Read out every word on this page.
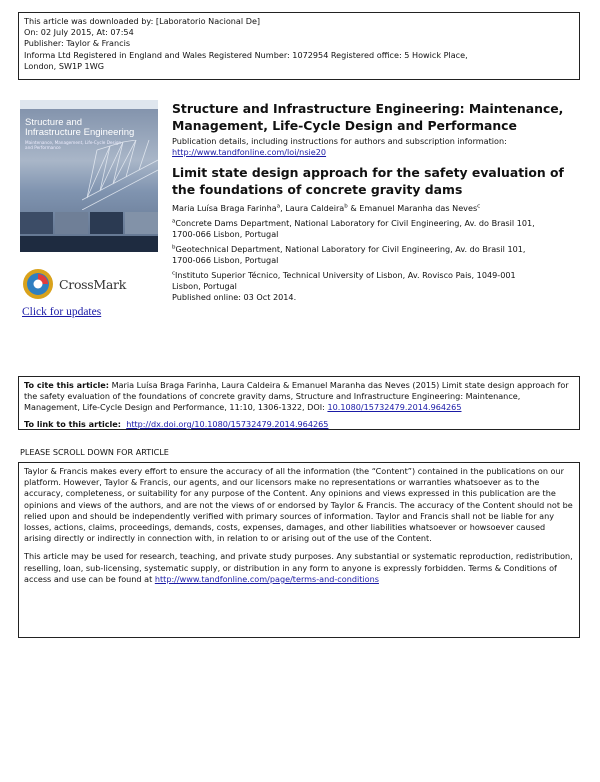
This article was downloaded by: [Laboratorio Nacional De]
On: 02 July 2015, At: 07:54
Publisher: Taylor & Francis
Informa Ltd Registered in England and Wales Registered Number: 1072954 Registered office: 5 Howick Place,
London, SW1P 1WG
Structure and
Infrastructure Engineering
Maintenance, Management, Life-Cycle Design and Performance
CrossMark
Click for updates
Structure and Infrastructure Engineering: Maintenance, Management, Life-Cycle Design and Performance
Publication details, including instructions for authors and subscription information:
http://www.tandfonline.com/loi/nsie20
Limit state design approach for the safety evaluation of the foundations of concrete gravity dams
Maria Luísa Braga Farinha$^a$, Laura Caldeira$^b$ & Emanuel Maranha das Neves$^c$
$^a$Concrete Dams Department, National Laboratory for Civil Engineering, Av. do Brasil 101,
1700-066 Lisbon, Portugal
$^b$Geotechnical Department, National Laboratory for Civil Engineering, Av. do Brasil 101,
1700-066 Lisbon, Portugal
$^c$Instituto Superior Técnico, Technical University of Lisbon, Av. Rovisco Pais, 1049-001
Lisbon, Portugal
Published online: 03 Oct 2014.
To cite this article: Maria Luísa Braga Farinha, Laura Caldeira & Emanuel Maranha das Neves (2015) Limit state design approach for the safety evaluation of the foundations of concrete gravity dams, Structure and Infrastructure Engineering: Maintenance, Management, Life-Cycle Design and Performance, 11:10, 1306-1322, DOI: 10.1080/15732479.2014.964265
To link to this article: http://dx.doi.org/10.1080/15732479.2014.964265
PLEASE SCROLL DOWN FOR ARTICLE

Taylor & Francis makes every effort to ensure the accuracy of all the information (the “Content”) contained in the publications on our platform. However, Taylor & Francis, our agents, and our licensors make no representations or warranties whatsoever as to the accuracy, completeness, or suitability for any purpose of the Content. Any opinions and views expressed in this publication are the opinions and views of the authors, and are not the views of or endorsed by Taylor & Francis. The accuracy of the Content should not be relied upon and should be independently verified with primary sources of information. Taylor and Francis shall not be liable for any losses, actions, claims, proceedings, demands, costs, expenses, damages, and other liabilities whatsoever or howsoever caused arising directly or indirectly in connection with, in relation to or arising out of the use of the Content.

This article may be used for research, teaching, and private study purposes. Any substantial or systematic reproduction, redistribution, reselling, loan, sub-licensing, systematic supply, or distribution in any form to anyone is expressly forbidden. Terms & Conditions of access and use can be found at http://www.tandfonline.com/page/terms-and-conditions
